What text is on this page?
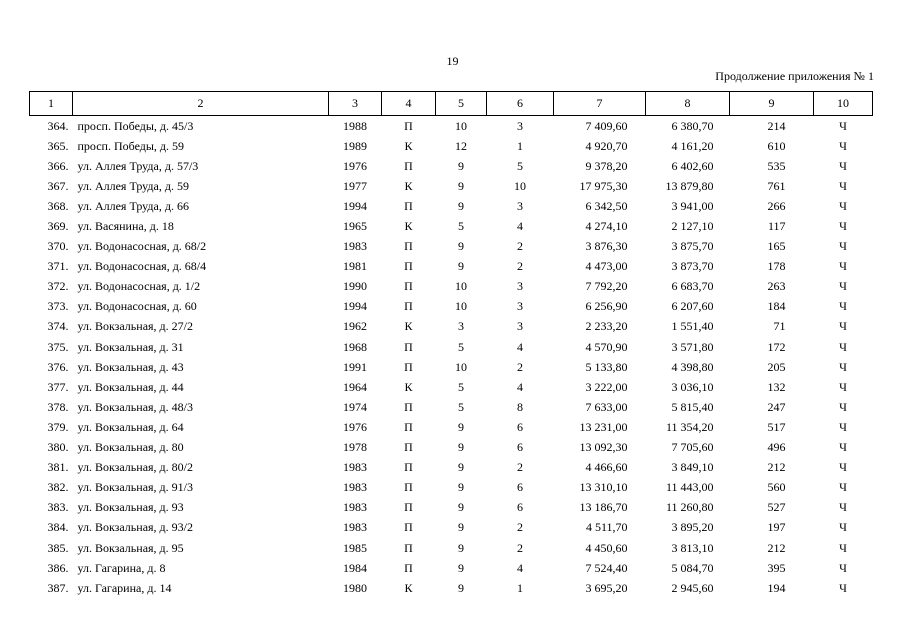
19
Продолжение приложения № 1
1	2	3	4	5	6	7	8	9	10
364.	просп. Победы, д. 45/3	1988	П	10	3	7 409,60	6 380,70	214	Ч
365.	просп. Победы, д. 59	1989	К	12	1	4 920,70	4 161,20	610	Ч
366.	ул. Аллея Труда, д. 57/3	1976	П	9	5	9 378,20	6 402,60	535	Ч
367.	ул. Аллея Труда, д. 59	1977	К	9	10	17 975,30	13 879,80	761	Ч
368.	ул. Аллея Труда, д. 66	1994	П	9	3	6 342,50	3 941,00	266	Ч
369.	ул. Васянина, д. 18	1965	К	5	4	4 274,10	2 127,10	117	Ч
370.	ул. Водонасосная, д. 68/2	1983	П	9	2	3 876,30	3 875,70	165	Ч
371.	ул. Водонасосная, д. 68/4	1981	П	9	2	4 473,00	3 873,70	178	Ч
372.	ул. Водонасосная, д. 1/2	1990	П	10	3	7 792,20	6 683,70	263	Ч
373.	ул. Водонасосная, д. 60	1994	П	10	3	6 256,90	6 207,60	184	Ч
374.	ул. Вокзальная, д. 27/2	1962	К	3	3	2 233,20	1 551,40	71	Ч
375.	ул. Вокзальная, д. 31	1968	П	5	4	4 570,90	3 571,80	172	Ч
376.	ул. Вокзальная, д. 43	1991	П	10	2	5 133,80	4 398,80	205	Ч
377.	ул. Вокзальная, д. 44	1964	К	5	4	3 222,00	3 036,10	132	Ч
378.	ул. Вокзальная, д. 48/3	1974	П	5	8	7 633,00	5 815,40	247	Ч
379.	ул. Вокзальная, д. 64	1976	П	9	6	13 231,00	11 354,20	517	Ч
380.	ул. Вокзальная, д. 80	1978	П	9	6	13 092,30	7 705,60	496	Ч
381.	ул. Вокзальная, д. 80/2	1983	П	9	2	4 466,60	3 849,10	212	Ч
382.	ул. Вокзальная, д. 91/3	1983	П	9	6	13 310,10	11 443,00	560	Ч
383.	ул. Вокзальная, д. 93	1983	П	9	6	13 186,70	11 260,80	527	Ч
384.	ул. Вокзальная, д. 93/2	1983	П	9	2	4 511,70	3 895,20	197	Ч
385.	ул. Вокзальная, д. 95	1985	П	9	2	4 450,60	3 813,10	212	Ч
386.	ул. Гагарина, д. 8	1984	П	9	4	7 524,40	5 084,70	395	Ч
387.	ул. Гагарина, д. 14	1980	К	9	1	3 695,20	2 945,60	194	Ч
